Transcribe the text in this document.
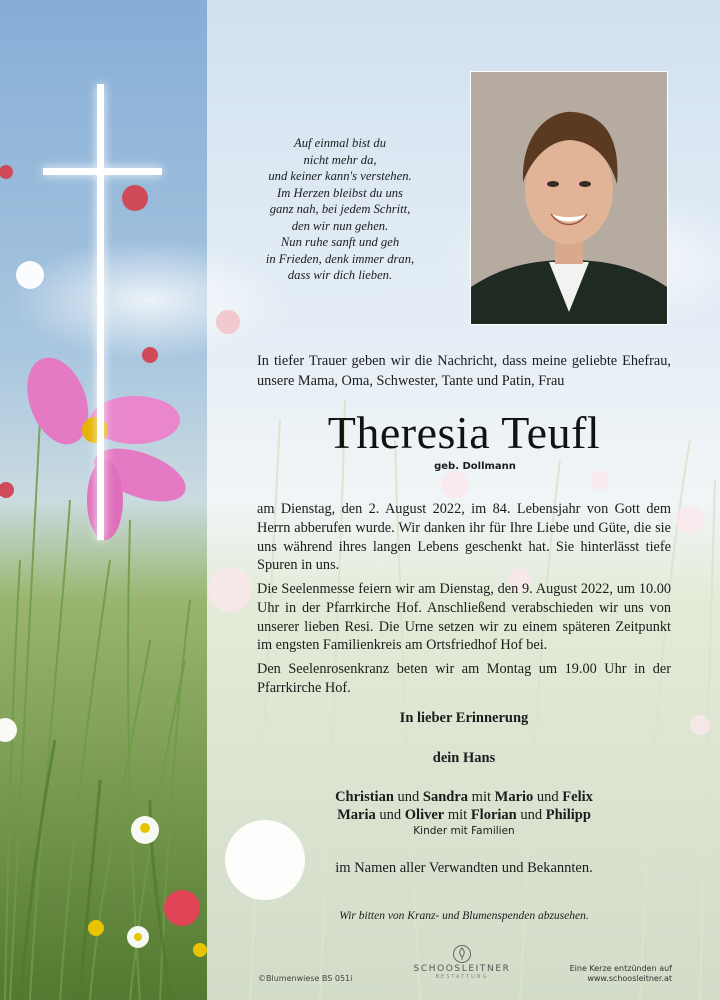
Auf einmal bist du
nicht mehr da,
und keiner kann's verstehen.
Im Herzen bleibst du uns
ganz nah, bei jedem Schritt,
den wir nun gehen.
Nun ruhe sanft und geh
in Frieden, denk immer dran,
dass wir dich lieben.
In tiefer Trauer geben wir die Nachricht, dass meine geliebte Ehefrau, unsere Mama, Oma, Schwester, Tante und Patin, Frau
Theresia Teufl
geb. Dollmann
am Dienstag, den 2. August 2022, im 84. Lebensjahr von Gott dem Herrn abberufen wurde. Wir danken ihr für Ihre Liebe und Güte, die sie uns während ihres langen Lebens geschenkt hat. Sie hinterlässt tiefe Spuren in uns.
Die Seelenmesse feiern wir am Dienstag, den 9. August 2022, um 10.00 Uhr in der Pfarrkirche Hof. Anschließend verabschieden wir uns von unserer lieben Resi. Die Urne setzen wir zu einem späteren Zeitpunkt im engsten Familienkreis am Ortsfriedhof Hof bei.
Den Seelenrosenkranz beten wir am Montag um 19.00 Uhr in der Pfarrkirche Hof.
In lieber Erinnerung
dein Hans
Christian und Sandra mit Mario und Felix
Maria und Oliver mit Florian und Philipp
Kinder mit Familien
im Namen aller Verwandten und Bekannten.
Wir bitten von Kranz- und Blumenspenden abzusehen.
©Blumenwiese BS 051i
SCHOOSLEITNER
BESTATTUNG
Eine Kerze entzünden auf
www.schoosleitner.at
